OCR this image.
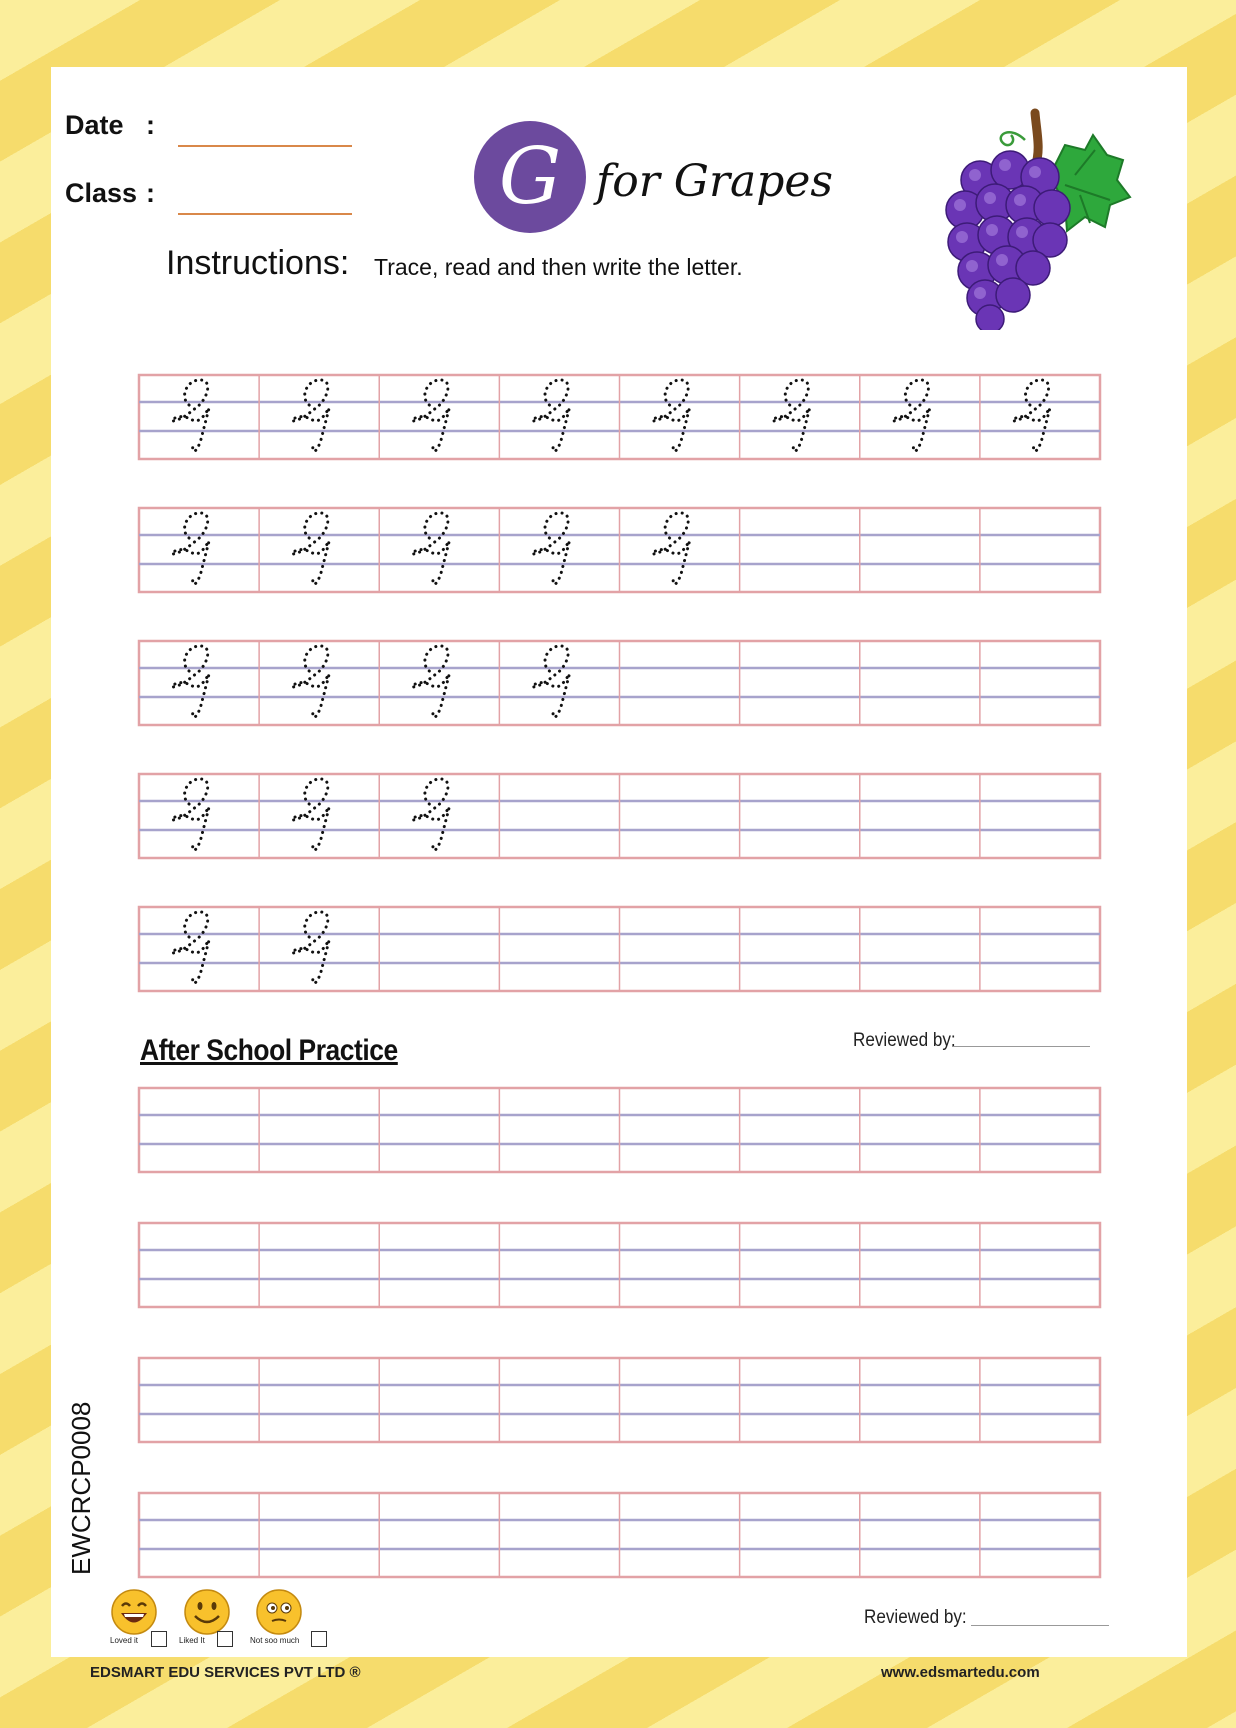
Date :
Class :	G for Grapes
Instructions: Trace, read and then write the letter.
After School Practice	Reviewed by:
EWCRCP0008
Loved it	Liked It	Not soo much
Reviewed by:
EDSMART EDU SERVICES PVT LTD ®	www.edsmartedu.com
